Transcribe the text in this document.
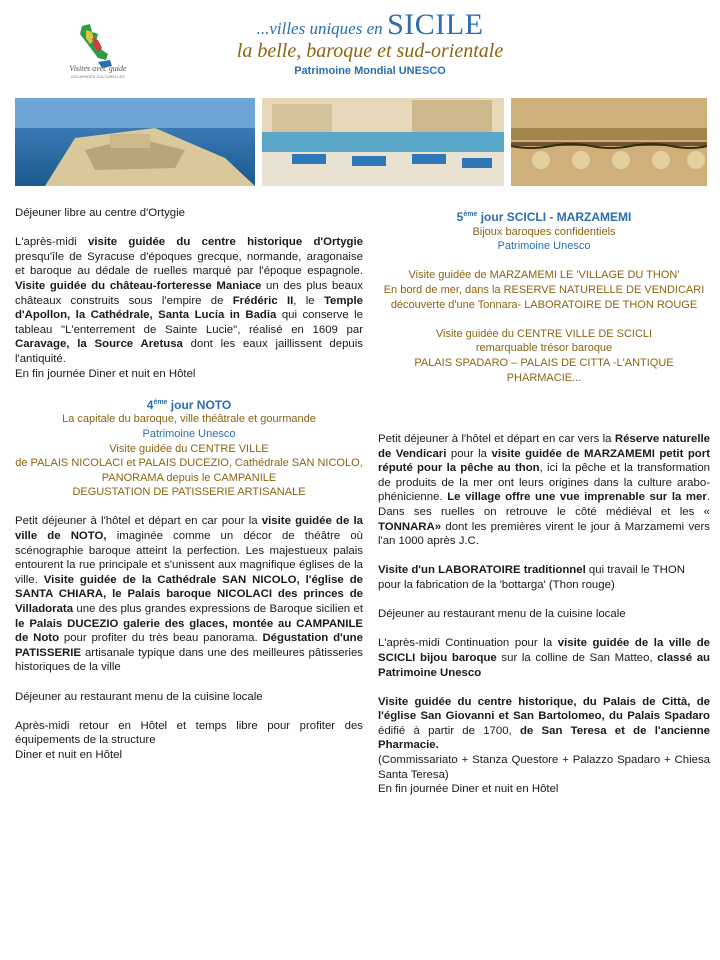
Visites avec guide
ESCAPADES CULTURELLES
...villes uniques en SICILE
la belle, baroque et sud-orientale
Patrimoine Mondial UNESCO

Déjeuner libre au centre d'Ortygie

L'après-midi visite guidée du centre historique d'Ortygie presqu'île de Syracuse d'époques grecque, normande, aragonaise et baroque au dédale de ruelles marqué par l'époque espagnole. Visite guidée du château-forteresse Maniace un des plus beaux châteaux construits sous l'empire de Frédéric II, le Temple d'Apollon, la Cathédrale, Santa Lucia in Badia qui conserve le tableau "L'enterrement de Sainte Lucie", réalisé en 1609 par Caravage, la Source Aretusa dont les eaux jaillissent depuis l'antiquité.

En fin journée Diner et nuit en Hôtel

4ème jour NOTO
La capitale du baroque, ville théâtrale et gourmande
Patrimoine Unesco
Visite guidée du CENTRE VILLE
de PALAIS NICOLACI et PALAIS DUCEZIO, Cathédrale SAN NICOLO, PANORAMA depuis le CAMPANILE
DEGUSTATION DE PATISSERIE ARTISANALE

Petit déjeuner à l'hôtel et départ en car pour la visite guidée de la ville de NOTO, imaginée comme un décor de théâtre où scénographie baroque atteint la perfection. Les majestueux palais entourent la rue principale et s'unissent aux magnifique églises de la ville. Visite guidée de la Cathédrale SAN NICOLO, l'église de SANTA CHIARA, le Palais baroque NICOLACI des princes de Villadorata une des plus grandes expressions de Baroque sicilien et le Palais DUCEZIO galerie des glaces, montée au CAMPANILE de Noto pour profiter du très beau panorama. Dégustation d'une PATISSERIE artisanale typique dans une des meilleures pâtisseries historiques de la ville

Déjeuner au restaurant menu de la cuisine locale

Après-midi retour en Hôtel et temps libre pour profiter des équipements de la structure

Diner et nuit en Hôtel

5ème jour SCICLI - MARZAMEMI
Bijoux baroques confidentiels
Patrimoine Unesco
Visite guidée de MARZAMEMI LE 'VILLAGE DU THON'
En bord de mer, dans la RESERVE NATURELLE DE VENDICARI
découverte d'une Tonnara- LABORATOIRE DE THON ROUGE
Visite guidée du CENTRE VILLE DE SCICLI
remarquable trésor baroque
PALAIS SPADARO – PALAIS DE CITTA -L'ANTIQUE PHARMACIE...

Petit déjeuner à l'hôtel et départ en car vers la Réserve naturelle de Vendicari pour la visite guidée de MARZAMEMI petit port réputé pour la pêche au thon, ici la pêche et la transformation de produits de la mer ont leurs origines dans la culture arabo-phénicienne. Le village offre une vue imprenable sur la mer. Dans ses ruelles on retrouve le côté médiéval et les « TONNARA» dont les premières virent le jour à Marzamemi vers l'an 1000 après J.C.

Visite d'un LABORATOIRE traditionnel qui travail le THON pour la fabrication de la 'bottarga' (Thon rouge)

Déjeuner au restaurant menu de la cuisine locale

L'après-midi Continuation pour la visite guidée de la ville de SCICLI bijou baroque sur la colline de San Matteo, classé au Patrimoine Unesco

Visite guidée du centre historique, du Palais de Città, de l'église San Giovanni et San Bartolomeo, du Palais Spadaro édifié à partir de 1700, de San Teresa et de l'ancienne Pharmacie.

(Commissariato + Stanza Questore + Palazzo Spadaro + Chiesa Santa Teresa)

En fin journée Diner et nuit en Hôtel
